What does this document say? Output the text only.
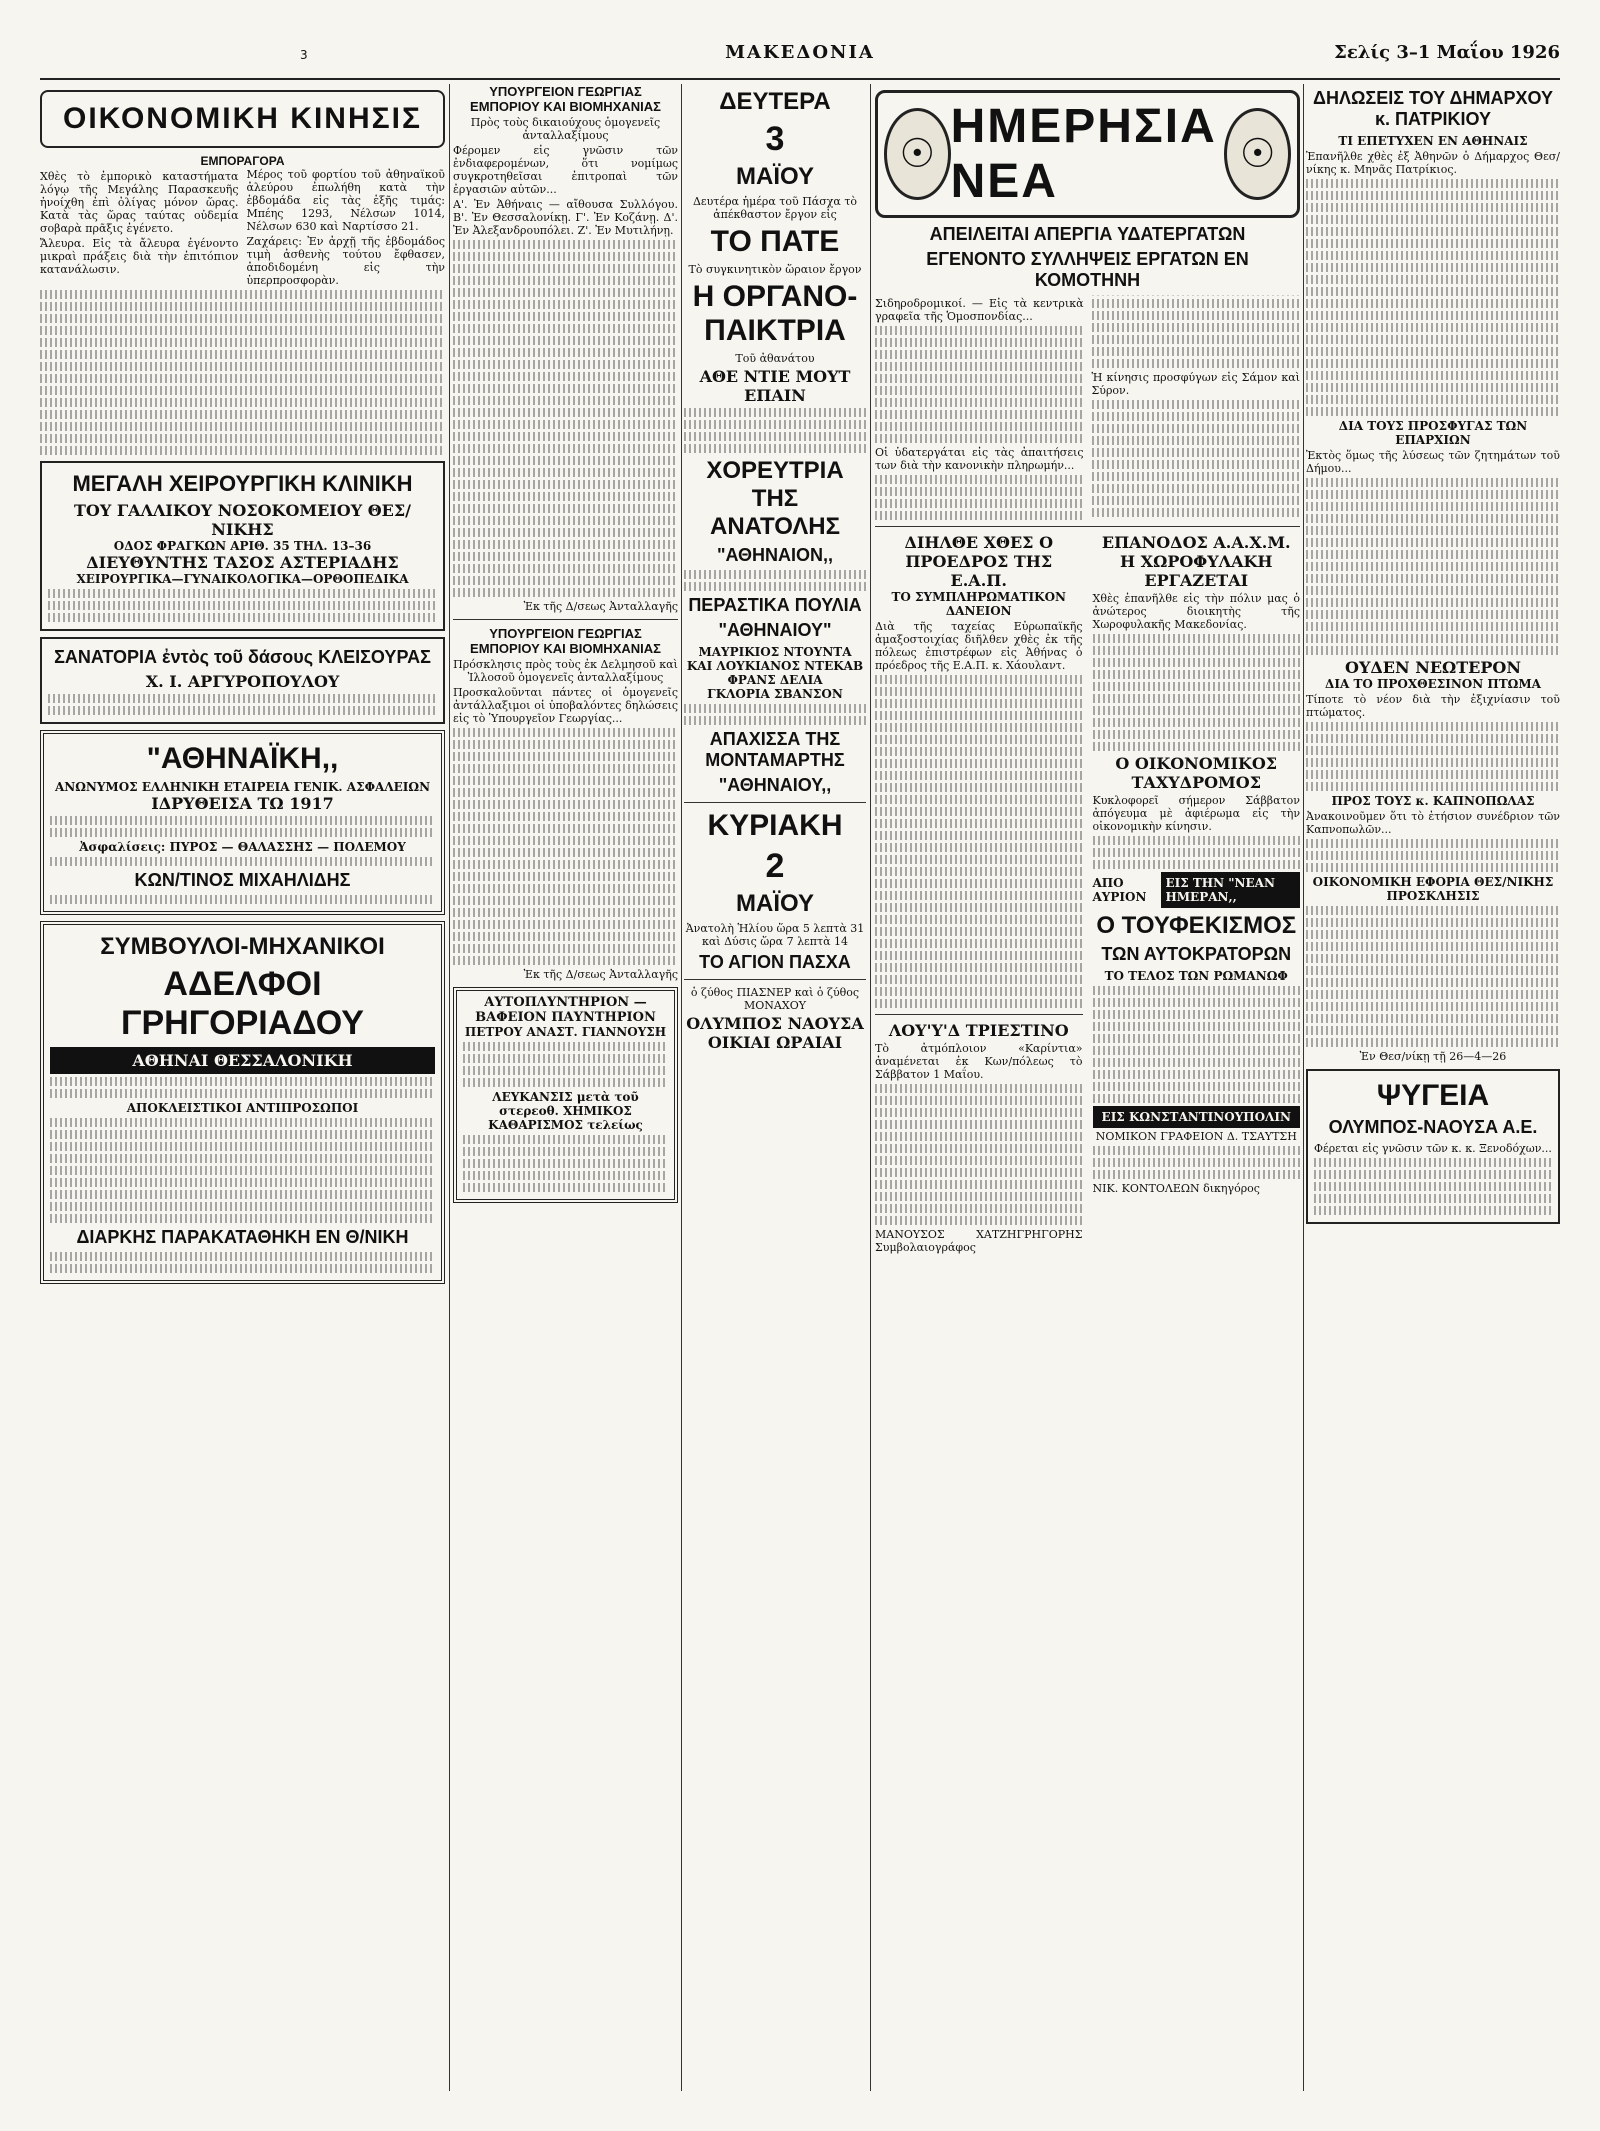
3	ΜΑΚΕΔΟΝΙΑ	Σελίς 3–1 Μαΐου 1926
ΟΙΚΟΝΟΜΙΚΗ ΚΙΝΗΣΙΣ
ΕΜΠΟΡΑΓΟΡΑ

Χθὲς τὸ ἐμπορικὸ καταστήματα λόγῳ τῆς Μεγάλης Παρασκευῆς ἠνοίχθη ἐπὶ ὀλίγας μόνον ὥρας. Κατὰ τὰς ὥρας ταύτας οὐδεμία σοβαρὰ πρᾶξις ἐγένετο.

Ἄλευρα. Εἰς τὰ ἄλευρα ἐγένοντο μικραὶ πράξεις διὰ τὴν ἐπιτόπιον κατανάλωσιν.

Μέρος τοῦ φορτίου τοῦ ἀθηναϊκοῦ ἀλεύρου ἐπωλήθη κατὰ τὴν ἑβδομάδα εἰς τὰς ἑξῆς τιμάς: Μπέης 1293, Νέλσων 1014, Νέλσων 630 καὶ Ναρτίσσο 21.

Ζαχάρεις: Ἐν ἀρχῇ τῆς ἑβδομάδος τιμὴ ἀσθενὴς τούτου ἔφθασεν, ἀποδιδομένη εἰς τὴν ὑπερπροσφορὰν.

ΜΕΓΑΛΗ ΧΕΙΡΟΥΡΓΙΚΗ ΚΛΙΝΙΚΗ
ΤΟΥ ΓΑΛΛΙΚΟΥ ΝΟΣΟΚΟΜΕΙΟΥ ΘΕΣ/ΝΙΚΗΣ
ΟΔΟΣ ΦΡΑΓΚΩΝ ΑΡΙΘ. 35 ΤΗΛ. 13–36
ΔΙΕΥΘΥΝΤΗΣ ΤΑΣΟΣ ΑΣΤΕΡΙΑΔΗΣ
ΧΕΙΡΟΥΡΓΙΚΑ—ΓΥΝΑΙΚΟΛΟΓΙΚΑ—ΟΡΘΟΠΕΔΙΚΑ
ΣΑΝΑΤΟΡΙΑ ἐντὸς τοῦ δάσους ΚΛΕΙΣΟΥΡΑΣ
Χ. Ι. ΑΡΓΥΡΟΠΟΥΛΟΥ
"ΑΘΗΝΑΪΚΗ,,
ΑΝΩΝΥΜΟΣ ΕΛΛΗΝΙΚΗ ΕΤΑΙΡΕΙΑ ΓΕΝΙΚ. ΑΣΦΑΛΕΙΩΝ
ΙΔΡΥΘΕΙΣΑ ΤΩ 1917
Ἀσφαλίσεις: ΠΥΡΟΣ — ΘΑΛΑΣΣΗΣ — ΠΟΛΕΜΟΥ
ΚΩΝ/ΤΙΝΟΣ ΜΙΧΑΗΛΙΔΗΣ
ΣΥΜΒΟΥΛΟΙ-ΜΗΧΑΝΙΚΟΙ
ΑΔΕΛΦΟΙ ΓΡΗΓΟΡΙΑΔΟΥ
ΑΘΗΝΑΙ ΘΕΣΣΑΛΟΝΙΚΗ
ΑΠΟΚΛΕΙΣΤΙΚΟΙ ΑΝΤΙΠΡΟΣΩΠΟΙ
ΔΙΑΡΚΗΣ ΠΑΡΑΚΑΤΑΘΗΚΗ ΕΝ Θ/ΝΙΚΗ
ΥΠΟΥΡΓΕΙΟΝ ΓΕΩΡΓΙΑΣ ΕΜΠΟΡΙΟΥ ΚΑΙ ΒΙΟΜΗΧΑΝΙΑΣ

Πρὸς τοὺς δικαιούχους ὁμογενεῖς ἀνταλλαξίμους

Φέρομεν εἰς γνῶσιν τῶν ἐνδιαφερομένων, ὅτι νομίμως συγκροτηθεῖσαι ἐπιτροπαὶ τῶν ἐργασιῶν αὐτῶν...

Α'. Ἐν Ἀθήναις — αἴθουσα Συλλόγου. Β'. Ἐν Θεσσαλονίκῃ. Γ'. Ἐν Κοζάνῃ. Δ'. Ἐν Ἀλεξανδρουπόλει. Ζ'. Ἐν Μυτιλήνῃ.

Ἐκ τῆς Δ/σεως Ἀνταλλαγῆς

ΥΠΟΥΡΓΕΙΟΝ ΓΕΩΡΓΙΑΣ ΕΜΠΟΡΙΟΥ ΚΑΙ ΒΙΟΜΗΧΑΝΙΑΣ

Πρόσκλησις πρὸς τοὺς ἐκ Δελμησοῦ καὶ Ἰλλοσοῦ ὁμογενεῖς ἀνταλλαξίμους

Προσκαλοῦνται πάντες οἱ ὁμογενεῖς ἀντάλλαξιμοι οἱ ὑποβαλόντες δηλώσεις εἰς τὸ Ὑπουργεῖον Γεωργίας...

Ἐκ τῆς Δ/σεως Ἀνταλλαγῆς

ΑΥΤΟΠΛΥΝΤΗΡΙΟΝ — ΒΑΦΕΙΟΝ ΠΑΥΝΤΗΡΙΟΝ
ΠΕΤΡΟΥ ΑΝΑΣΤ. ΓΙΑΝΝΟΥΣΗ
ΛΕΥΚΑΝΣΙΣ μετὰ τοῦ στερεοθ. ΧΗΜΙΚΟΣ ΚΑΘΑΡΙΣΜΟΣ τελείως
ΔΕΥΤΕΡΑ
3
ΜΑΪΟΥ

Δευτέρα ἡμέρα τοῦ Πάσχα τὸ ἀπέκθαστον ἔργον εἰς

ΤΟ ΠΑΤΕ

Τὸ συγκινητικὸν ὥραιον ἔργον

Η ΟΡΓΑΝΟ-ΠΑΙΚΤΡΙΑ

Τοῦ ἀθανάτου

ΑΘΕ ΝΤΙΕ ΜΟΥΤ ΕΠΑΙΝ
ΧΟΡΕΥΤΡΙΑ ΤΗΣ ΑΝΑΤΟΛΗΣ
"ΑΘΗΝΑΙΟΝ,,
ΠΕΡΑΣΤΙΚΑ ΠΟΥΛΙΑ
"ΑΘΗΝΑΙΟΥ"
ΜΑΥΡΙΚΙΟΣ ΝΤΟΥΝΤΑ ΚΑΙ ΛΟΥΚΙΑΝΟΣ ΝΤΕΚΑΒ
ΦΡΑΝΣ ΔΕΛΙΑ
ΓΚΛΟΡΙΑ ΣΒΑΝΣΟΝ
ΑΠΑΧΙΣΣΑ ΤΗΣ ΜΟΝΤΑΜΑΡΤΗΣ
"ΑΘΗΝΑΙΟΥ,,
ΚΥΡΙΑΚΗ
2
ΜΑΪΟΥ

Ἀνατολὴ Ἡλίου ὥρα 5 λεπτὰ 31 καὶ Δύσις ὥρα 7 λεπτὰ 14

ΤΟ ΑΓΙΟΝ ΠΑΣΧΑ

ὁ ζύθος ΠΙΑΣΝΕΡ καὶ ὁ ζύθος ΜΟΝΑΧΟΥ

ΟΛΥΜΠΟΣ ΝΑΟΥΣΑ
ΟΙΚΙΑΙ ΩΡΑΙΑΙ
☉
ΗΜΕΡΗΣΙΑ ΝΕΑ
☉
ΑΠΕΙΛΕΙΤΑΙ ΑΠΕΡΓΙΑ ΥΔΑΤΕΡΓΑΤΩΝ
ΕΓΕΝΟΝΤΟ ΣΥΛΛΗΨΕΙΣ ΕΡΓΑΤΩΝ ΕΝ ΚΟΜΟΤΗΝΗ

Σιδηροδρομικοί. — Εἰς τὰ κεντρικὰ γραφεῖα τῆς Ὁμοσπονδίας...

Οἱ ὑδατεργάται εἰς τὰς ἀπαιτήσεις των διὰ τὴν κανονικὴν πληρωμήν...

Ἡ κίνησις προσφύγων εἰς Σάμον καὶ Σύρον.

ΔΙΗΛΘΕ ΧΘΕΣ Ο ΠΡΟΕΔΡΟΣ ΤΗΣ Ε.Α.Π.
ΤΟ ΣΥΜΠΛΗΡΩΜΑΤΙΚΟΝ ΔΑΝΕΙΟΝ

Διὰ τῆς ταχείας Εὐρωπαϊκῆς ἀμαξοστοιχίας διῆλθεν χθὲς ἐκ τῆς πόλεως ἐπιστρέφων εἰς Ἀθήνας ὁ πρόεδρος τῆς Ε.Α.Π. κ. Χάουλαντ.

ΛΟΥ'Υ'Δ ΤΡΙΕΣΤΙΝΟ

Τὸ ἀτμόπλοιον «Καρίντια» ἀναμένεται ἐκ Κων/πόλεως τὸ Σάββατον 1 Μαΐου.

ΜΑΝΟΥΣΟΣ ΧΑΤΖΗΓΡΗΓΟΡΗΣ Συμβολαιογράφος

ΕΠΑΝΟΔΟΣ Α.Α.Χ.Μ.
Η ΧΩΡΟΦΥΛΑΚΗ ΕΡΓΑΖΕΤΑΙ

Χθὲς ἐπανῆλθε εἰς τὴν πόλιν μας ὁ ἀνώτερος διοικητὴς τῆς Χωροφυλακῆς Μακεδονίας.

Ο ΟΙΚΟΝΟΜΙΚΟΣ ΤΑΧΥΔΡΟΜΟΣ

Κυκλοφορεῖ σήμερον Σάββατον ἀπόγευμα μὲ ἀφιέρωμα εἰς τὴν οἰκονομικὴν κίνησιν.

ΑΠΟ ΑΥΡΙΟΝ
ΕΙΣ ΤΗΝ "ΝΕΑΝ ΗΜΕΡΑΝ,,
Ο ΤΟΥΦΕΚΙΣΜΟΣ
ΤΩΝ ΑΥΤΟΚΡΑΤΟΡΩΝ
ΤΟ ΤΕΛΟΣ ΤΩΝ ΡΩΜΑΝΩΦ
ΕΙΣ ΚΩΝΣΤΑΝΤΙΝΟΥΠΟΛΙΝ

ΝΟΜΙΚΟΝ ΓΡΑΦΕΙΟΝ Δ. ΤΣΑΥΤΣΗ

ΝΙΚ. ΚΟΝΤΟΛΕΩΝ δικηγόρος

ΔΗΛΩΣΕΙΣ ΤΟΥ ΔΗΜΑΡΧΟΥ κ. ΠΑΤΡΙΚΙΟΥ
ΤΙ ΕΠΕΤΥΧΕΝ ΕΝ ΑΘΗΝΑΙΣ

Ἐπανῆλθε χθὲς ἐξ Ἀθηνῶν ὁ Δήμαρχος Θεσ/νίκης κ. Μηνᾶς Πατρίκιος.

ΔΙΑ ΤΟΥΣ ΠΡΟΣΦΥΓΑΣ ΤΩΝ ΕΠΑΡΧΙΩΝ

Ἐκτὸς ὅμως τῆς λύσεως τῶν ζητημάτων τοῦ Δήμου...

ΟΥΔΕΝ ΝΕΩΤΕΡΟΝ
ΔΙΑ ΤΟ ΠΡΟΧΘΕΣΙΝΟΝ ΠΤΩΜΑ

Τίποτε τὸ νέον διὰ τὴν ἐξιχνίασιν τοῦ πτώματος.

ΠΡΟΣ ΤΟΥΣ κ. ΚΑΠΝΟΠΩΛΑΣ

Ἀνακοινοῦμεν ὅτι τὸ ἐτήσιον συνέδριον τῶν Καπνοπωλῶν...

ΟΙΚΟΝΟΜΙΚΗ ΕΦΟΡΙΑ ΘΕΣ/ΝΙΚΗΣ
ΠΡΟΣΚΛΗΣΙΣ

Ἐν Θεσ/νίκῃ τῇ 26—4—26

ΨΥΓΕΙΑ
ΟΛΥΜΠΟΣ-ΝΑΟΥΣΑ Α.Ε.

Φέρεται εἰς γνῶσιν τῶν κ. κ. Ξενοδόχων...
